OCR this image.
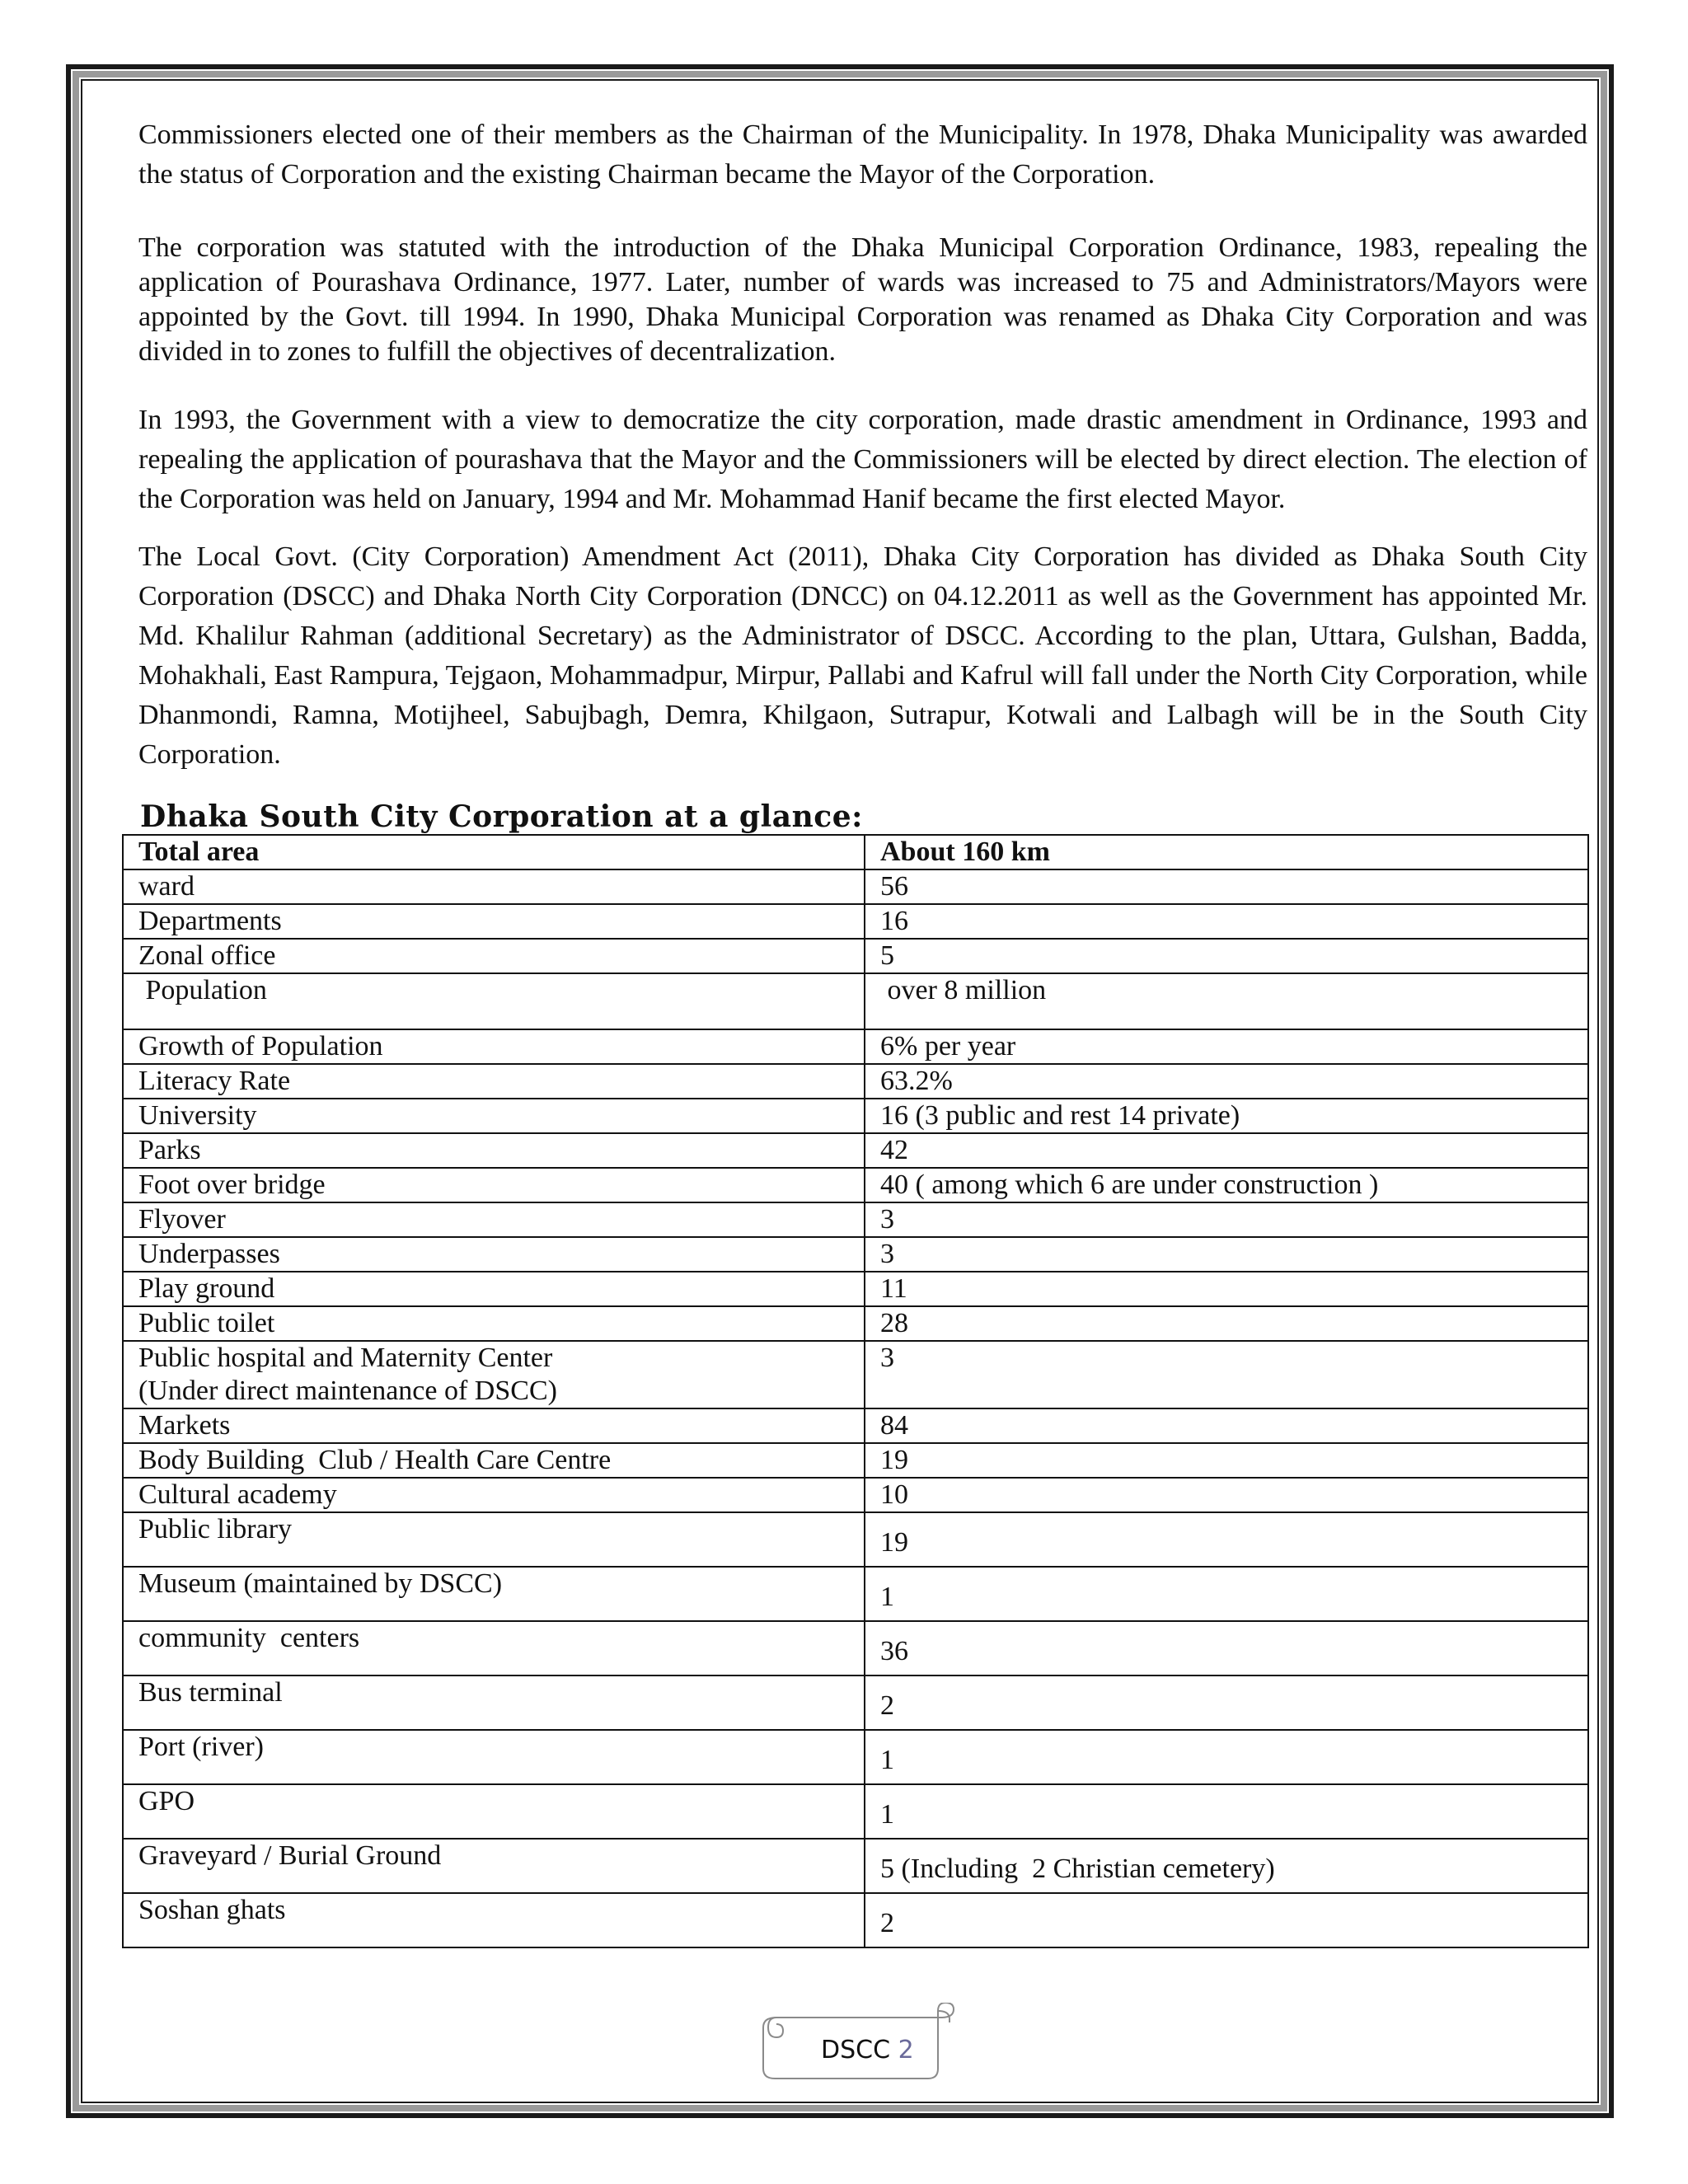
Commissioners elected one of their members as the Chairman of the Municipality. In 1978, Dhaka Municipality was awarded the status of Corporation and the existing Chairman became the Mayor of the Corporation.

The corporation was statuted with the introduction of the Dhaka Municipal Corporation Ordinance, 1983, repealing the application of Pourashava Ordinance, 1977. Later, number of wards was increased to 75 and Administrators/Mayors were appointed by the Govt. till 1994. In 1990, Dhaka Municipal Corporation was renamed as Dhaka City Corporation and was divided in to zones to fulfill the objectives of decentralization.

In 1993, the Government with a view to democratize the city corporation, made drastic amendment in Ordinance, 1993 and repealing the application of pourashava that the Mayor and the Commissioners will be elected by direct election. The election of the Corporation was held on January, 1994 and Mr. Mohammad Hanif became the first elected Mayor.

The Local Govt. (City Corporation) Amendment Act (2011), Dhaka City Corporation has divided as Dhaka South City Corporation (DSCC) and Dhaka North City Corporation (DNCC) on 04.12.2011 as well as the Government has appointed Mr. Md. Khalilur Rahman (additional Secretary) as the Administrator of DSCC. According to the plan, Uttara, Gulshan, Badda, Mohakhali, East Rampura, Tejgaon, Mohammadpur, Mirpur, Pallabi and Kafrul will fall under the North City Corporation, while Dhanmondi, Ramna, Motijheel, Sabujbagh, Demra, Khilgaon, Sutrapur, Kotwali and Lalbagh will be in the South City Corporation.

Dhaka South City Corporation at a glance:
Total area	About 160 km
ward	56
Departments	16
Zonal office	5
Population	over 8 million
Growth of Population	6% per year
Literacy Rate	63.2%
University	16 (3 public and rest 14 private)
Parks	42
Foot over bridge	40 ( among which 6 are under construction )
Flyover	3
Underpasses	3
Play ground	11
Public toilet	28
Public hospital and Maternity Center (Under direct maintenance of DSCC)	3
Markets	84
Body Building  Club / Health Care Centre	19
Cultural academy	10
Public library	19
Museum (maintained by DSCC)	1
community  centers	36
Bus terminal	2
Port (river)	1
GPO	1
Graveyard / Burial Ground	5 (Including  2 Christian cemetery)
Soshan ghats	2
DSCC 2
